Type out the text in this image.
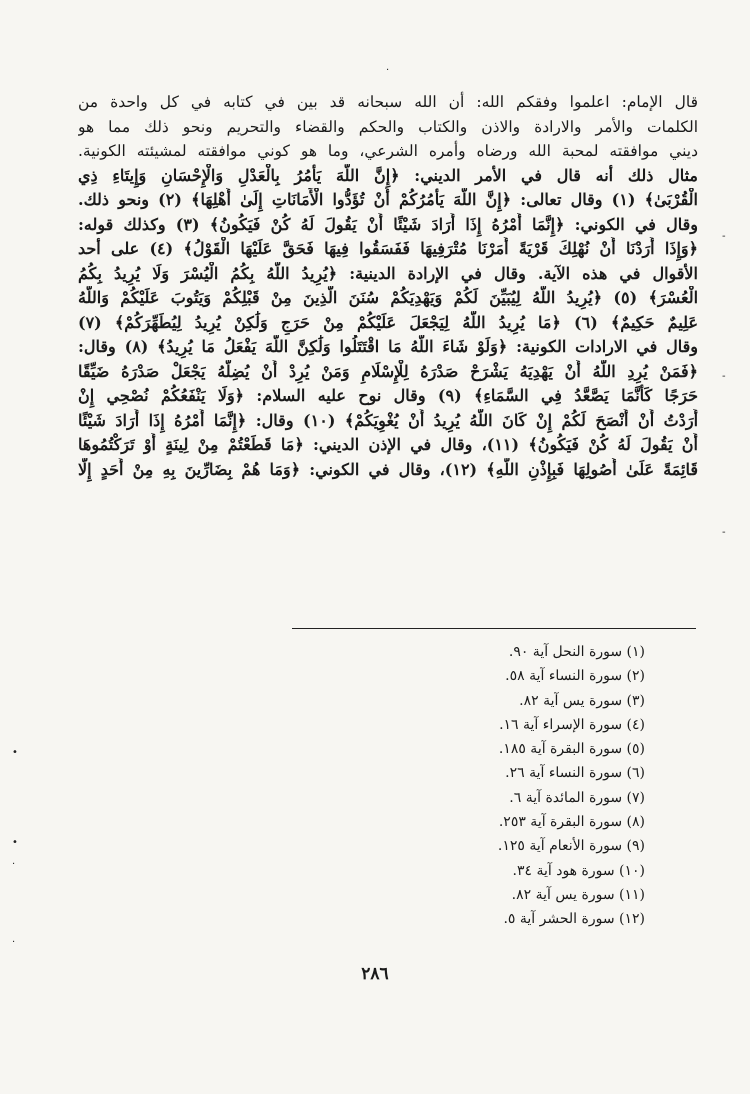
·
-
-
-
•
•
·
·
قال الإمام: اعلموا وفقكم الله: أن الله سبحانه قد بين في كتابه في كل واحدة من
الكلمات والأمر والارادة والاذن والكتاب والحكم والقضاء والتحريم ونحو ذلك مما هو
ديني موافقته لمحبة الله ورضاه وأمره الشرعي، وما هو كوني موافقته لمشيئته الكونية.
مثال ذلك أنه قال في الأمر الديني: ﴿إِنَّ اللَّهَ يَأْمُرُ بِالْعَدْلِ وَالْإِحْسَانِ وَإِيتَاءِ ذِي
الْقُرْبَىٰ﴾ (١) وقال تعالى: ﴿إِنَّ اللَّهَ يَأْمُرُكُمْ أَنْ تُؤَدُّوا الْأَمَانَاتِ إِلَىٰ أَهْلِهَا﴾ (٢) ونحو ذلك.
وقال في الكوني: ﴿إِنَّمَا أَمْرُهُ إِذَا أَرَادَ شَيْئًا أَنْ يَقُولَ لَهُ كُنْ فَيَكُونُ﴾ (٣) وكذلك قوله:
﴿وَإِذَا أَرَدْنَا أَنْ نُهْلِكَ قَرْيَةً أَمَرْنَا مُتْرَفِيهَا فَفَسَقُوا فِيهَا فَحَقَّ عَلَيْهَا الْقَوْلُ﴾ (٤) على أحد
الأقوال في هذه الآية. وقال في الإرادة الدينية: ﴿يُرِيدُ اللَّهُ بِكُمُ الْيُسْرَ وَلَا يُرِيدُ بِكُمُ
الْعُسْرَ﴾ (٥) ﴿يُرِيدُ اللَّهُ لِيُبَيِّنَ لَكُمْ وَيَهْدِيَكُمْ سُنَنَ الَّذِينَ مِنْ قَبْلِكُمْ وَيَتُوبَ عَلَيْكُمْ وَاللَّهُ
عَلِيمٌ حَكِيمٌ﴾ (٦) ﴿مَا يُرِيدُ اللَّهُ لِيَجْعَلَ عَلَيْكُمْ مِنْ حَرَجٍ وَلَٰكِنْ يُرِيدُ لِيُطَهِّرَكُمْ﴾ (٧)
وقال في الارادات الكونية: ﴿وَلَوْ شَاءَ اللَّهُ مَا اقْتَتَلُوا وَلَٰكِنَّ اللَّهَ يَفْعَلُ مَا يُرِيدُ﴾ (٨) وقال:
﴿فَمَنْ يُرِدِ اللَّهُ أَنْ يَهْدِيَهُ يَشْرَحْ صَدْرَهُ لِلْإِسْلَامِ وَمَنْ يُرِدْ أَنْ يُضِلَّهُ يَجْعَلْ صَدْرَهُ ضَيِّقًا
حَرَجًا كَأَنَّمَا يَصَّعَّدُ فِي السَّمَاءِ﴾ (٩) وقال نوح عليه السلام: ﴿وَلَا يَنْفَعُكُمْ نُصْحِي إِنْ
أَرَدْتُ أَنْ أَنْصَحَ لَكُمْ إِنْ كَانَ اللَّهُ يُرِيدُ أَنْ يُغْوِيَكُمْ﴾ (١٠) وقال: ﴿إِنَّمَا أَمْرُهُ إِذَا أَرَادَ شَيْئًا
أَنْ يَقُولَ لَهُ كُنْ فَيَكُونُ﴾ (١١)، وقال في الإذن الديني: ﴿مَا قَطَعْتُمْ مِنْ لِينَةٍ أَوْ تَرَكْتُمُوهَا
قَائِمَةً عَلَىٰ أُصُولِهَا فَبِإِذْنِ اللَّهِ﴾ (١٢)، وقال في الكوني: ﴿وَمَا هُمْ بِضَارِّينَ بِهِ مِنْ أَحَدٍ إِلَّا
(١) سورة النحل آية ٩٠.
(٢) سورة النساء آية ٥٨.
(٣) سورة يس آية ٨٢.
(٤) سورة الإسراء آية ١٦.
(٥) سورة البقرة آية ١٨٥.
(٦) سورة النساء آية ٢٦.
(٧) سورة المائدة آية ٦.
(٨) سورة البقرة آية ٢٥٣.
(٩) سورة الأنعام آية ١٢٥.
(١٠) سورة هود آية ٣٤.
(١١) سورة يس آية ٨٢.
(١٢) سورة الحشر آية ٥.
٢٨٦
